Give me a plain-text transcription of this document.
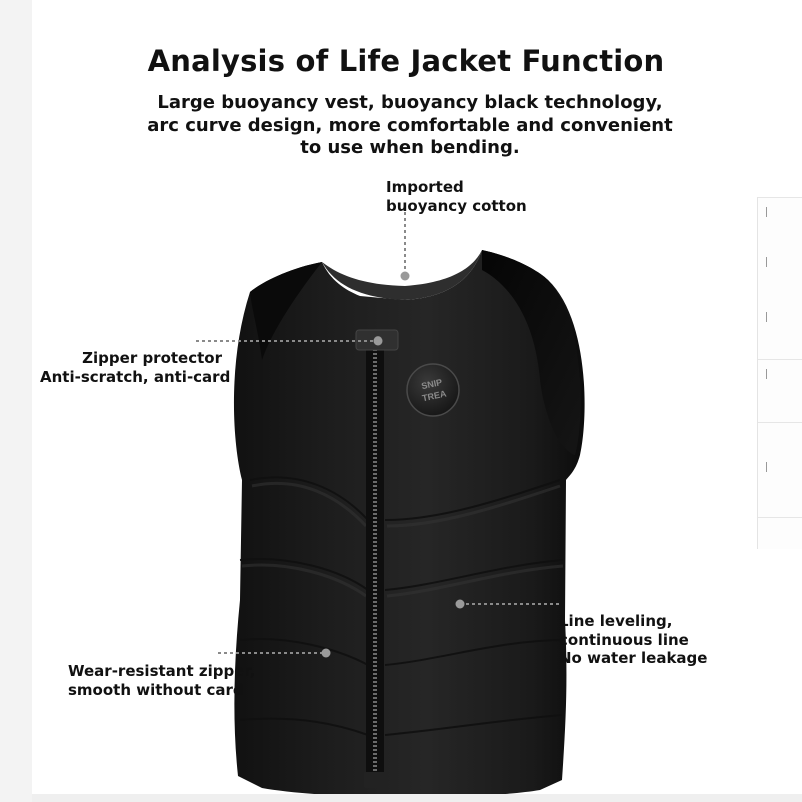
Analysis of Life Jacket Function
Large buoyancy vest, buoyancy black technology,
arc curve design, more comfortable and convenient
to use when bending.
SNIP
TREA
Imported
buoyancy cotton
Zipper protector
Anti-scratch, anti-card
Line leveling,
continuous line
No water leakage
Wear-resistant zipper,
smooth without card
